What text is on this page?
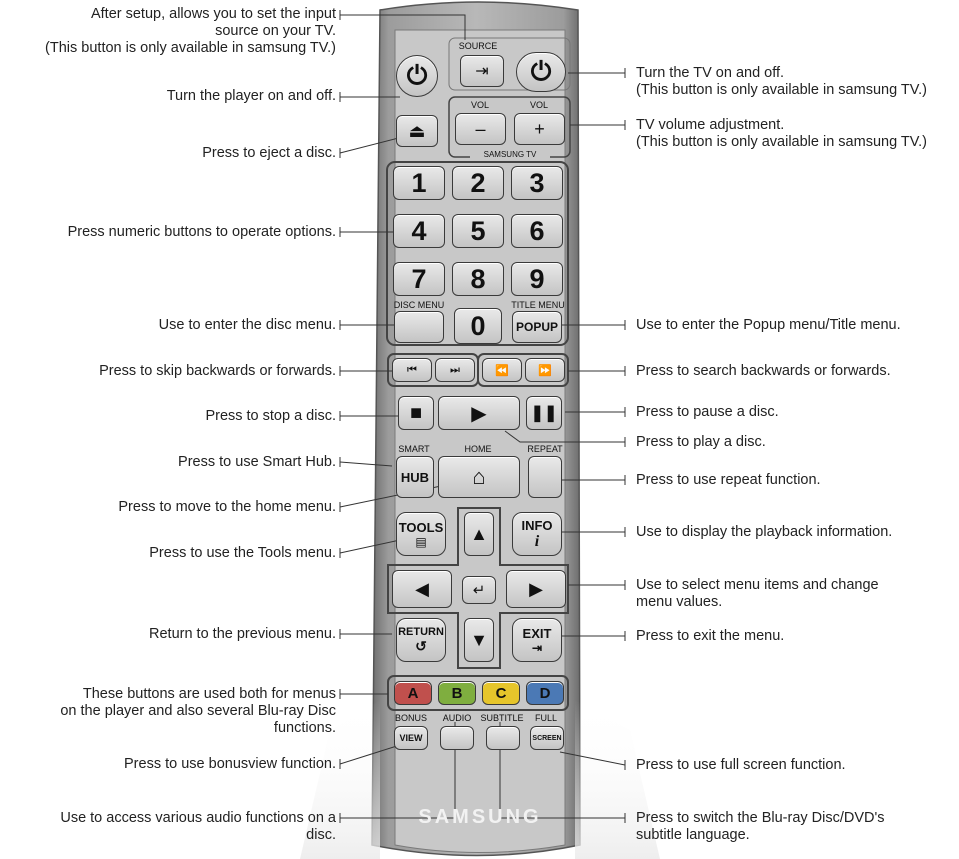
SOURCE
⇥ ⏻
⏻
VOL	VOL
–	+
SAMSUNG TV
⏏
1	2	3
4	5	6
7	8	9
DISC MENU
0
TITLE MENU
POPUP
⏮	⏭	⏪	⏩
■ ▶	❚❚
SMART
HUB
HOME
⌂
REPEAT
TOOLS
▤ ▲	INFO
i
◀	↵ ▶
RETURN
↺ ▼	EXIT
⇥
A	B	C	D
BONUS
VIEW
AUDIO	SUBTITLE	FULL
SCREEN
SAMSUNG
After setup, allows you to set the input
source on your TV.
(This button is only available in samsung TV.)
Turn the player on and off.
Press to eject a disc.
Press numeric buttons to operate options.
Use to enter the disc menu.
Press to skip backwards or forwards.
Press to stop a disc.
Press to use Smart Hub.
Press to move to the home menu.
Press to use the Tools menu.
Return to the previous menu.
These buttons are used both for menus
on the player and also several Blu-ray Disc
functions.
Press to use bonusview function.
Use to access various audio functions on a
disc.
Turn the TV on and off.
(This button is only available in samsung TV.)
TV volume adjustment.
(This button is only available in samsung TV.)
Use to enter the Popup menu/Title menu.
Press to search backwards or forwards.
Press to pause a disc.
Press to play a disc.
Press to use repeat function.
Use to display the playback information.
Use to select menu items and change
menu values.
Press to exit the menu.
Press to use full screen function.
Press to switch the Blu-ray Disc/DVD's
subtitle language.
